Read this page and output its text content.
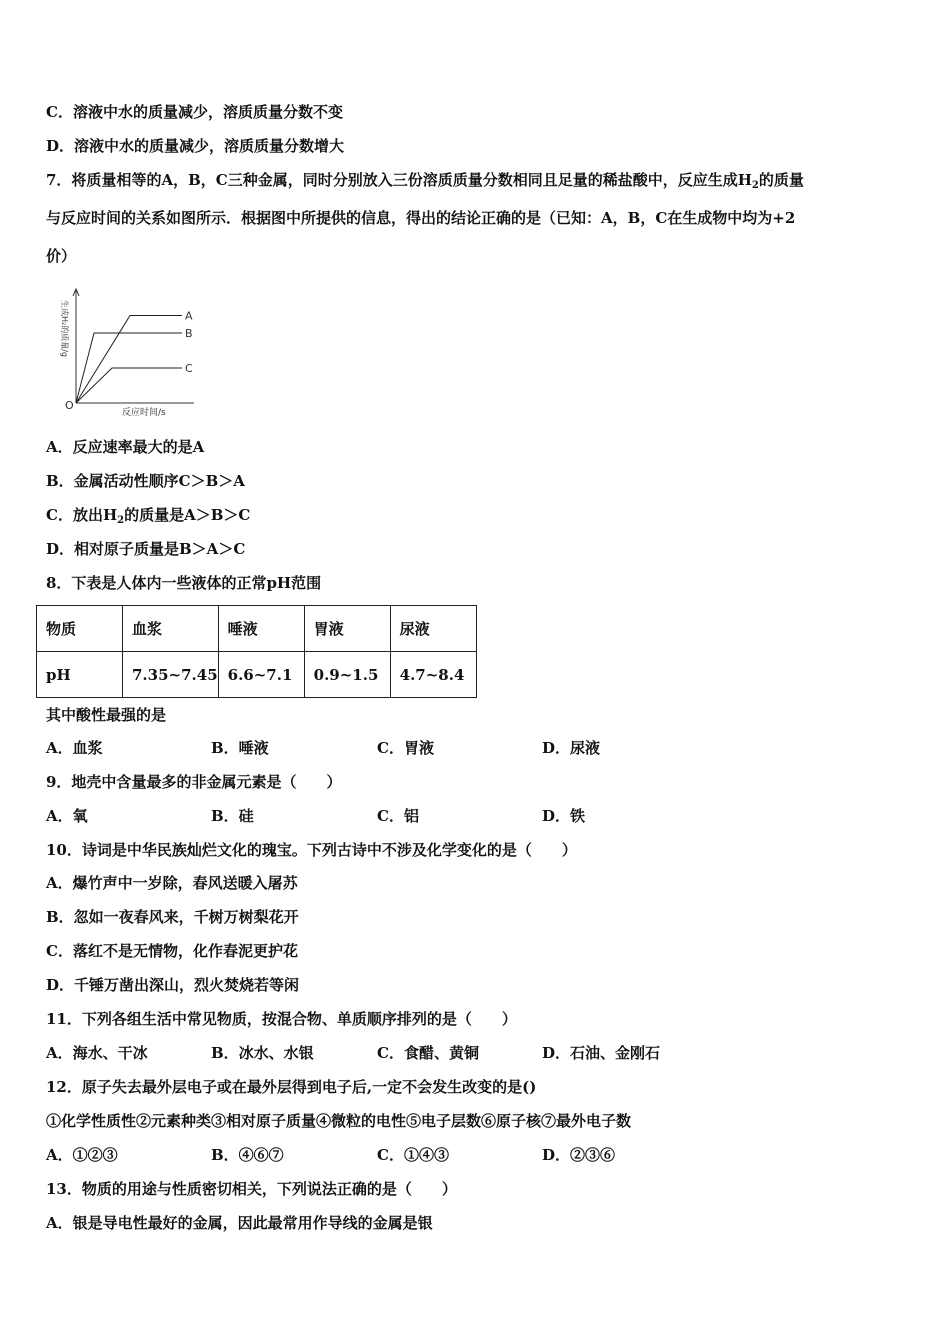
C．溶液中水的质量减少，溶质质量分数不变
D．溶液中水的质量减少，溶质质量分数增大
7．将质量相等的A，B，C三种金属，同时分别放入三份溶质质量分数相同且足量的稀盐酸中，反应生成$H_2$的质量
与反应时间的关系如图所示．根据图中所提供的信息，得出的结论正确的是（已知：A，B，C在生成物中均为+2
价）
O
反应时间/s
生成H₂的质量/g	A
B
C
A．反应速率最大的是A
B．金属活动性顺序C＞B＞A
C．放出$H_2$的质量是A＞B＞C
D．相对原子质量是B＞A＞C
8．下表是人体内一些液体的正常pH范围
物质	血浆	唾液	胃液	尿液
pH	7.35~7.45	6.6~7.1	0.9~1.5	4.7~8.4
其中酸性最强的是
A．血浆	B．唾液	C．胃液	D．尿液
9．地壳中含量最多的非金属元素是（　　）
A．氧	B．硅	C．铝	D．铁
10．诗词是中华民族灿烂文化的瑰宝。下列古诗中不涉及化学变化的是（　　）
A．爆竹声中一岁除，春风送暖入屠苏
B．忽如一夜春风来，千树万树梨花开
C．落红不是无情物，化作春泥更护花
D．千锤万凿出深山，烈火焚烧若等闲
11．下列各组生活中常见物质，按混合物、单质顺序排列的是（　　）
A．海水、干冰	B．冰水、水银	C．食醋、黄铜	D．石油、金刚石
12．原子失去最外层电子或在最外层得到电子后,一定不会发生改变的是()
①化学性质性②元素种类③相对原子质量④微粒的电性⑤电子层数⑥原子核⑦最外电子数
A．①②③	B．④⑥⑦	C．①④③	D．②③⑥
13．物质的用途与性质密切相关，下列说法正确的是（　　）
A．银是导电性最好的金属，因此最常用作导线的金属是银
